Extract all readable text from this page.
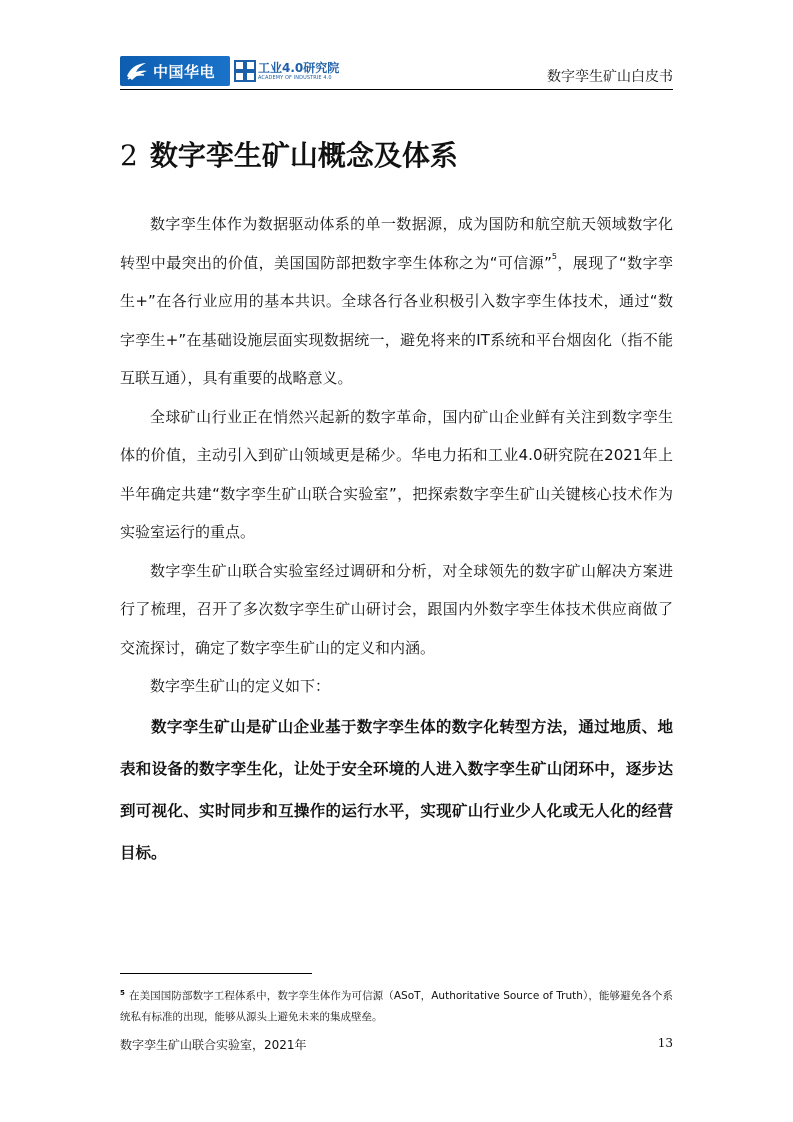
中国华电	工业4.0研究院
ACADEMY OF INDUSTRIE 4.0	数字孪生矿山白皮书
2 数字孪生矿山概念及体系

数字孪生体作为数据驱动体系的单一数据源，成为国防和航空航天领域数字化转型中最突出的价值，美国国防部把数字孪生体称之为“可信源”$^5$，展现了“数字孪生+”在各行业应用的基本共识。全球各行各业积极引入数字孪生体技术，通过“数字孪生+”在基础设施层面实现数据统一，避免将来的IT系统和平台烟囱化（指不能互联互通），具有重要的战略意义。

全球矿山行业正在悄然兴起新的数字革命，国内矿山企业鲜有关注到数字孪生体的价值，主动引入到矿山领域更是稀少。华电力拓和工业4.0研究院在2021年上半年确定共建“数字孪生矿山联合实验室”，把探索数字孪生矿山关键核心技术作为实验室运行的重点。

数字孪生矿山联合实验室经过调研和分析，对全球领先的数字矿山解决方案进行了梳理，召开了多次数字孪生矿山研讨会，跟国内外数字孪生体技术供应商做了交流探讨，确定了数字孪生矿山的定义和内涵。

数字孪生矿山的定义如下：

数字孪生矿山是矿山企业基于数字孪生体的数字化转型方法，通过地质、地表和设备的数字孪生化，让处于安全环境的人进入数字孪生矿山闭环中，逐步达到可视化、实时同步和互操作的运行水平，实现矿山行业少人化或无人化的经营目标。

$^5$ 在美国国防部数字工程体系中，数字孪生体作为可信源（ASoT，Authoritative Source of Truth），能够避免各个系统私有标准的出现，能够从源头上避免未来的集成壁垒。
数字孪生矿山联合实验室，2021年	13
